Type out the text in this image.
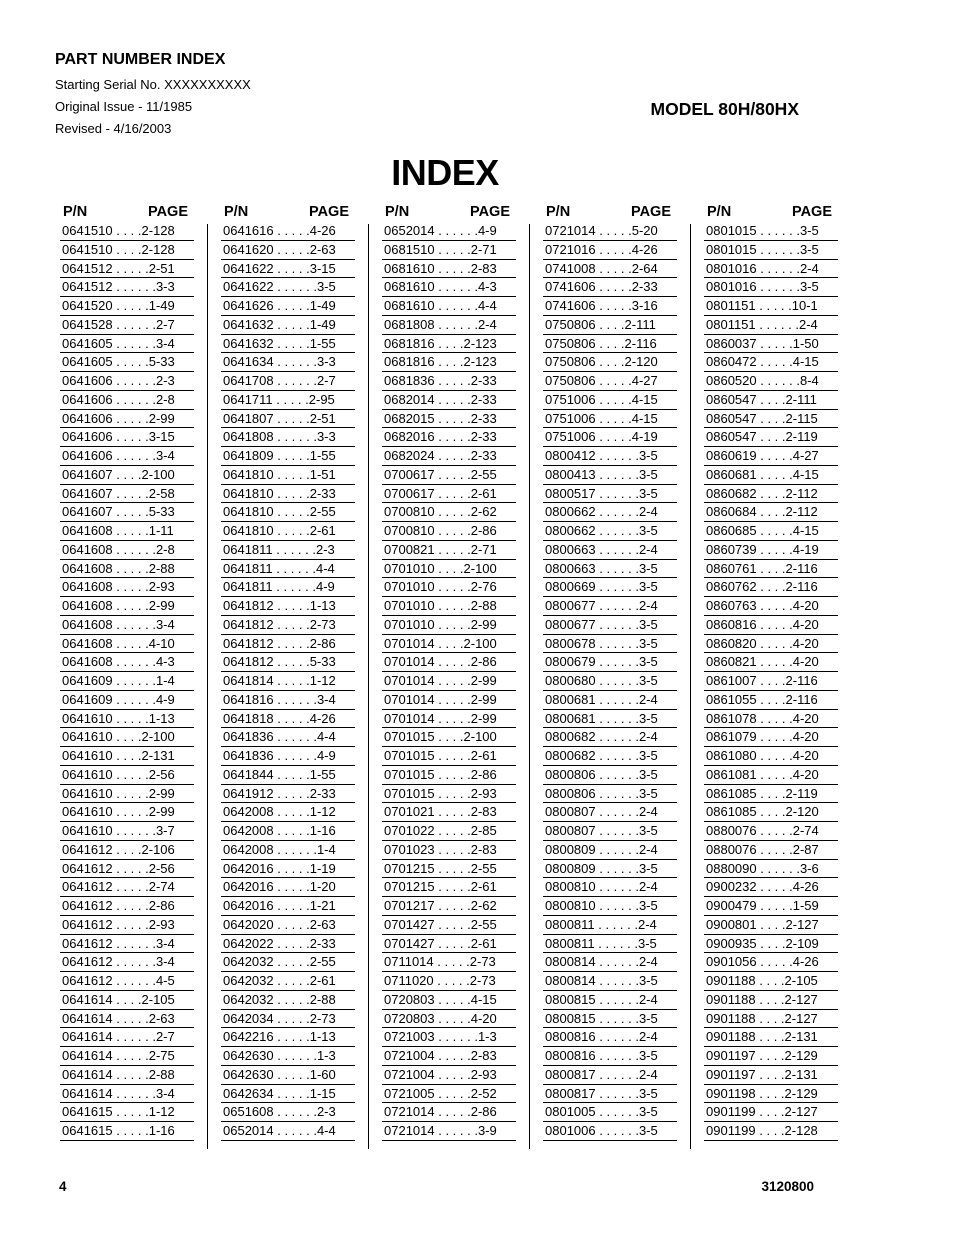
PART NUMBER INDEX
Starting Serial No. XXXXXXXXXX
Original Issue - 11/1985
Revised - 4/16/2003
MODEL 80H/80HX
INDEX
P/N	PAGE
0641510 . . . .2-128
0641510 . . . .2-128
0641512 . . . . .2-51
0641512 . . . . . .3-3
0641520 . . . . .1-49
0641528 . . . . . .2-7
0641605 . . . . . .3-4
0641605 . . . . .5-33
0641606 . . . . . .2-3
0641606 . . . . . .2-8
0641606 . . . . .2-99
0641606 . . . . .3-15
0641606 . . . . . .3-4
0641607 . . . .2-100
0641607 . . . . .2-58
0641607 . . . . .5-33
0641608 . . . . .1-11
0641608 . . . . . .2-8
0641608 . . . . .2-88
0641608 . . . . .2-93
0641608 . . . . .2-99
0641608 . . . . . .3-4
0641608 . . . . .4-10
0641608 . . . . . .4-3
0641609 . . . . . .1-4
0641609 . . . . . .4-9
0641610 . . . . .1-13
0641610 . . . .2-100
0641610 . . . .2-131
0641610 . . . . .2-56
0641610 . . . . .2-99
0641610 . . . . .2-99
0641610 . . . . . .3-7
0641612 . . . .2-106
0641612 . . . . .2-56
0641612 . . . . .2-74
0641612 . . . . .2-86
0641612 . . . . .2-93
0641612 . . . . . .3-4
0641612 . . . . . .3-4
0641612 . . . . . .4-5
0641614 . . . .2-105
0641614 . . . . .2-63
0641614 . . . . . .2-7
0641614 . . . . .2-75
0641614 . . . . .2-88
0641614 . . . . . .3-4
0641615 . . . . .1-12
0641615 . . . . .1-16
P/N	PAGE
0641616 . . . . .4-26
0641620 . . . . .2-63
0641622 . . . . .3-15
0641622 . . . . . .3-5
0641626 . . . . .1-49
0641632 . . . . .1-49
0641632 . . . . .1-55
0641634 . . . . . .3-3
0641708 . . . . . .2-7
0641711 . . . . .2-95
0641807 . . . . .2-51
0641808 . . . . . .3-3
0641809 . . . . .1-55
0641810 . . . . .1-51
0641810 . . . . .2-33
0641810 . . . . .2-55
0641810 . . . . .2-61
0641811 . . . . . .2-3
0641811 . . . . . .4-4
0641811 . . . . . .4-9
0641812 . . . . .1-13
0641812 . . . . .2-73
0641812 . . . . .2-86
0641812 . . . . .5-33
0641814 . . . . .1-12
0641816 . . . . . .3-4
0641818 . . . . .4-26
0641836 . . . . . .4-4
0641836 . . . . . .4-9
0641844 . . . . .1-55
0641912 . . . . .2-33
0642008 . . . . .1-12
0642008 . . . . .1-16
0642008 . . . . . .1-4
0642016 . . . . .1-19
0642016 . . . . .1-20
0642016 . . . . .1-21
0642020 . . . . .2-63
0642022 . . . . .2-33
0642032 . . . . .2-55
0642032 . . . . .2-61
0642032 . . . . .2-88
0642034 . . . . .2-73
0642216 . . . . .1-13
0642630 . . . . . .1-3
0642630 . . . . .1-60
0642634 . . . . .1-15
0651608 . . . . . .2-3
0652014 . . . . . .4-4
P/N	PAGE
0652014 . . . . . .4-9
0681510 . . . . .2-71
0681610 . . . . .2-83
0681610 . . . . . .4-3
0681610 . . . . . .4-4
0681808 . . . . . .2-4
0681816 . . . .2-123
0681816 . . . .2-123
0681836 . . . . .2-33
0682014 . . . . .2-33
0682015 . . . . .2-33
0682016 . . . . .2-33
0682024 . . . . .2-33
0700617 . . . . .2-55
0700617 . . . . .2-61
0700810 . . . . .2-62
0700810 . . . . .2-86
0700821 . . . . .2-71
0701010 . . . .2-100
0701010 . . . . .2-76
0701010 . . . . .2-88
0701010 . . . . .2-99
0701014 . . . .2-100
0701014 . . . . .2-86
0701014 . . . . .2-99
0701014 . . . . .2-99
0701014 . . . . .2-99
0701015 . . . .2-100
0701015 . . . . .2-61
0701015 . . . . .2-86
0701015 . . . . .2-93
0701021 . . . . .2-83
0701022 . . . . .2-85
0701023 . . . . .2-83
0701215 . . . . .2-55
0701215 . . . . .2-61
0701217 . . . . .2-62
0701427 . . . . .2-55
0701427 . . . . .2-61
0711014 . . . . .2-73
0711020 . . . . .2-73
0720803 . . . . .4-15
0720803 . . . . .4-20
0721003 . . . . . .1-3
0721004 . . . . .2-83
0721004 . . . . .2-93
0721005 . . . . .2-52
0721014 . . . . .2-86
0721014 . . . . . .3-9
P/N	PAGE
0721014 . . . . .5-20
0721016 . . . . .4-26
0741008 . . . . .2-64
0741606 . . . . .2-33
0741606 . . . . .3-16
0750806 . . . .2-111
0750806 . . . .2-116
0750806 . . . .2-120
0750806 . . . . .4-27
0751006 . . . . .4-15
0751006 . . . . .4-15
0751006 . . . . .4-19
0800412 . . . . . .3-5
0800413 . . . . . .3-5
0800517 . . . . . .3-5
0800662 . . . . . .2-4
0800662 . . . . . .3-5
0800663 . . . . . .2-4
0800663 . . . . . .3-5
0800669 . . . . . .3-5
0800677 . . . . . .2-4
0800677 . . . . . .3-5
0800678 . . . . . .3-5
0800679 . . . . . .3-5
0800680 . . . . . .3-5
0800681 . . . . . .2-4
0800681 . . . . . .3-5
0800682 . . . . . .2-4
0800682 . . . . . .3-5
0800806 . . . . . .3-5
0800806 . . . . . .3-5
0800807 . . . . . .2-4
0800807 . . . . . .3-5
0800809 . . . . . .2-4
0800809 . . . . . .3-5
0800810 . . . . . .2-4
0800810 . . . . . .3-5
0800811 . . . . . .2-4
0800811 . . . . . .3-5
0800814 . . . . . .2-4
0800814 . . . . . .3-5
0800815 . . . . . .2-4
0800815 . . . . . .3-5
0800816 . . . . . .2-4
0800816 . . . . . .3-5
0800817 . . . . . .2-4
0800817 . . . . . .3-5
0801005 . . . . . .3-5
0801006 . . . . . .3-5
P/N	PAGE
0801015 . . . . . .3-5
0801015 . . . . . .3-5
0801016 . . . . . .2-4
0801016 . . . . . .3-5
0801151 . . . . .10-1
0801151 . . . . . .2-4
0860037 . . . . .1-50
0860472 . . . . .4-15
0860520 . . . . . .8-4
0860547 . . . .2-111
0860547 . . . .2-115
0860547 . . . .2-119
0860619 . . . . .4-27
0860681 . . . . .4-15
0860682 . . . .2-112
0860684 . . . .2-112
0860685 . . . . .4-15
0860739 . . . . .4-19
0860761 . . . .2-116
0860762 . . . .2-116
0860763 . . . . .4-20
0860816 . . . . .4-20
0860820 . . . . .4-20
0860821 . . . . .4-20
0861007 . . . .2-116
0861055 . . . .2-116
0861078 . . . . .4-20
0861079 . . . . .4-20
0861080 . . . . .4-20
0861081 . . . . .4-20
0861085 . . . .2-119
0861085 . . . .2-120
0880076 . . . . .2-74
0880076 . . . . .2-87
0880090 . . . . . .3-6
0900232 . . . . .4-26
0900479 . . . . .1-59
0900801 . . . .2-127
0900935 . . . .2-109
0901056 . . . . .4-26
0901188 . . . .2-105
0901188 . . . .2-127
0901188 . . . .2-127
0901188 . . . .2-131
0901197 . . . .2-129
0901197 . . . .2-131
0901198 . . . .2-129
0901199 . . . .2-127
0901199 . . . .2-128
4	3120800
